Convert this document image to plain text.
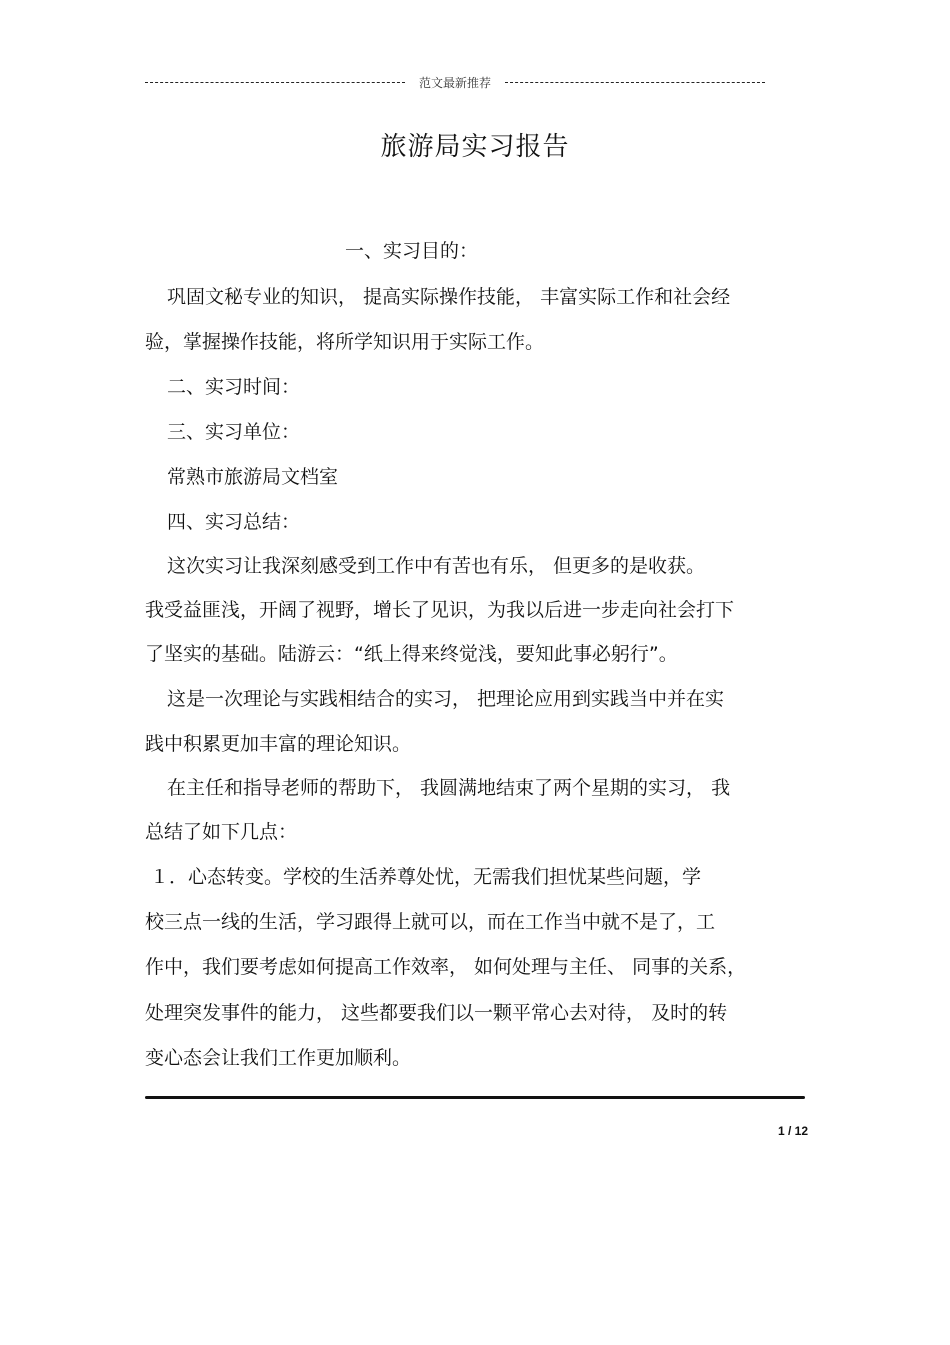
范文最新推荐
旅游局实习报告
一、实习目的：
巩固文秘专业的知识， 提高实际操作技能， 丰富实际工作和社会经
验，掌握操作技能，将所学知识用于实际工作。
二、实习时间：
三、实习单位：
常熟市旅游局文档室
四、实习总结：
这次实习让我深刻感受到工作中有苦也有乐， 但更多的是收获。
我受益匪浅，开阔了视野，增长了见识，为我以后进一步走向社会打下
了坚实的基础。陆游云：“纸上得来终觉浅，要知此事必躬行”。
这是一次理论与实践相结合的实习， 把理论应用到实践当中并在实
践中积累更加丰富的理论知识。
在主任和指导老师的帮助下， 我圆满地结束了两个星期的实习， 我
总结了如下几点：
１．心态转变。学校的生活养尊处忧，无需我们担忧某些问题，学
校三点一线的生活，学习跟得上就可以，而在工作当中就不是了，工
作中，我们要考虑如何提高工作效率， 如何处理与主任、 同事的关系，
处理突发事件的能力， 这些都要我们以一颗平常心去对待， 及时的转
变心态会让我们工作更加顺利。
1 / 12
